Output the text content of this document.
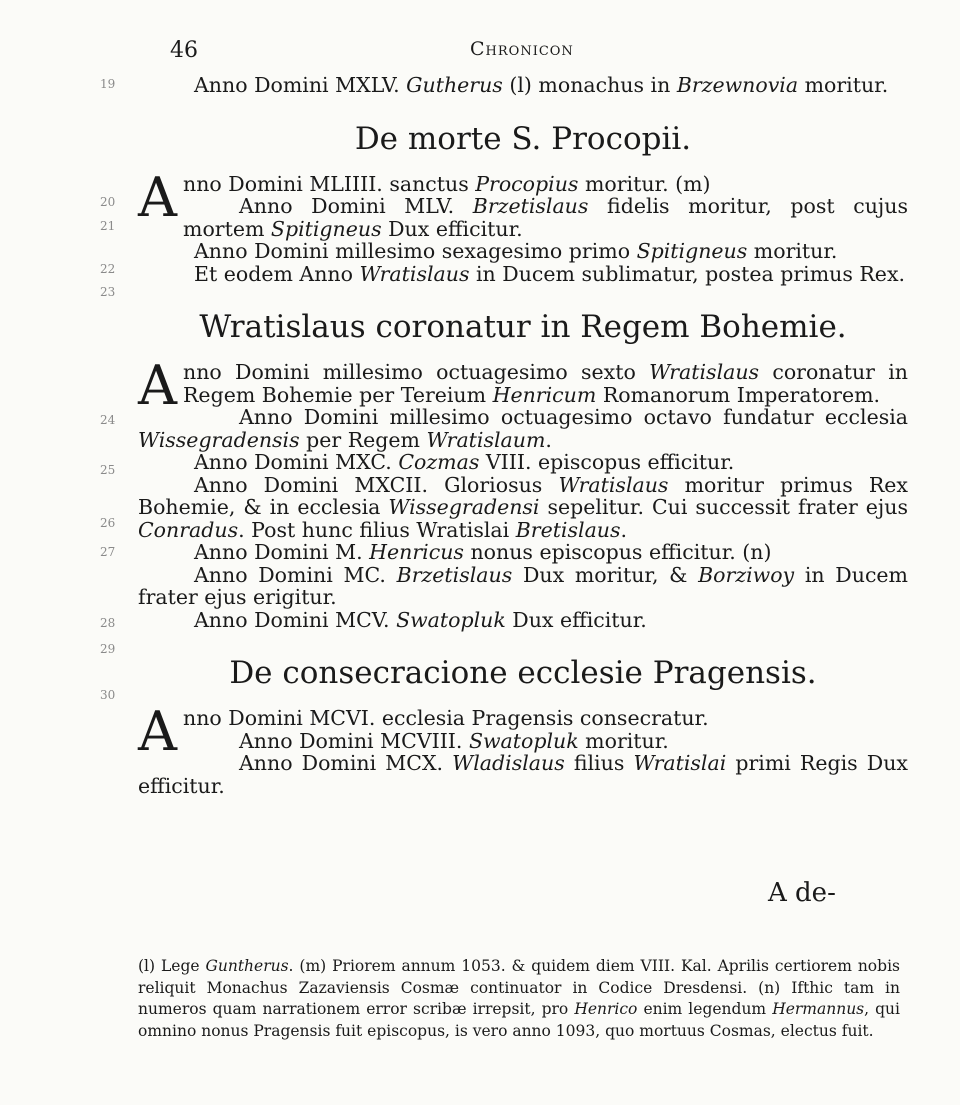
46	Chronicon
19
20
21
22
23
24
25
26
27
28
29
30

Anno Domini MXLV. Gutherus (l) monachus in Brzewnovia moritur.

De morte S. Procopii.

Anno Domini MLIIII. sanctus Procopius moritur. (m)

Anno Domini MLV. Brzetislaus fidelis moritur, post cujus mortem Spitigneus Dux efficitur.

Anno Domini millesimo sexagesimo primo Spitigneus moritur.

Et eodem Anno Wratislaus in Ducem sublimatur, postea primus Rex.

Wratislaus coronatur in Regem Bohemie.

Anno Domini millesimo octuagesimo sexto Wratislaus coronatur in Regem Bohemie per Tereium Henricum Romanorum Imperatorem.

Anno Domini millesimo octuagesimo octavo fundatur ecclesia Wissegradensis per Regem Wratislaum.

Anno Domini MXC. Cozmas VIII. episcopus efficitur.

Anno Domini MXCII. Gloriosus Wratislaus moritur primus Rex Bohemie, & in ecclesia Wissegradensi sepelitur. Cui successit frater ejus Conradus. Post hunc filius Wratislai Bretislaus.

Anno Domini M. Henricus nonus episcopus efficitur. (n)

Anno Domini MC. Brzetislaus Dux moritur, & Borziwoy in Ducem frater ejus erigitur.

Anno Domini MCV. Swatopluk Dux efficitur.

De consecracione ecclesie Pragensis.

Anno Domini MCVI. ecclesia Pragensis consecratur.

Anno Domini MCVIII. Swatopluk moritur.

Anno Domini MCX. Wladislaus filius Wratislai primi Regis Dux efficitur.

A de-

(l) Lege Guntherus. (m) Priorem annum 1053. & quidem diem VIII. Kal. Aprilis certiorem nobis reliquit Monachus Zazaviensis Cosmæ continuator in Codice Dresdensi. (n) Ifthic tam in numeros quam narrationem error scribæ irrepsit, pro Henrico enim legendum Hermannus, qui omnino nonus Pragensis fuit episcopus, is vero anno 1093, quo mortuus Cosmas, electus fuit.
